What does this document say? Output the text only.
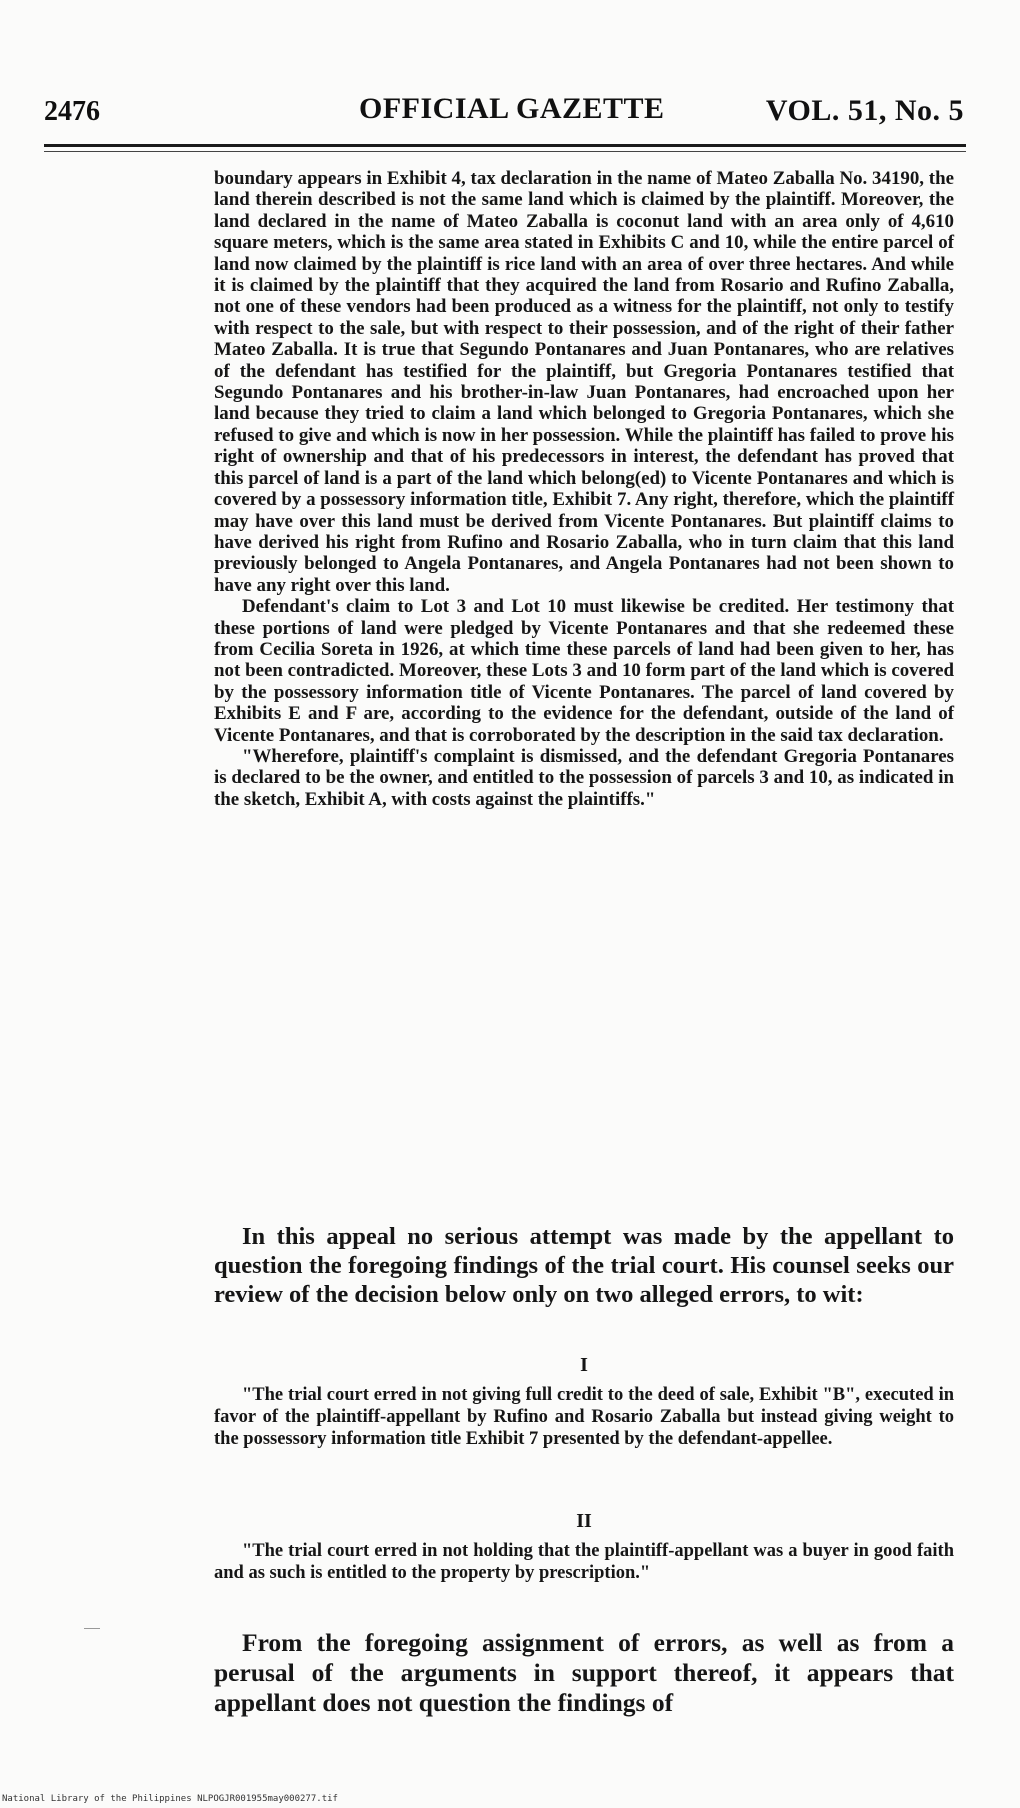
2476	OFFICIAL GAZETTE	VOL. 51, No. 5

boundary appears in Exhibit 4, tax declaration in the name of Mateo Zaballa No. 34190, the land therein described is not the same land which is claimed by the plaintiff. Moreover, the land declared in the name of Mateo Zaballa is coconut land with an area only of 4,610 square meters, which is the same area stated in Exhibits C and 10, while the entire parcel of land now claimed by the plaintiff is rice land with an area of over three hectares. And while it is claimed by the plaintiff that they acquired the land from Rosario and Rufino Zaballa, not one of these vendors had been produced as a witness for the plaintiff, not only to testify with respect to the sale, but with respect to their possession, and of the right of their father Mateo Zaballa. It is true that Segundo Pontanares and Juan Pontanares, who are relatives of the defendant has testified for the plaintiff, but Gregoria Pontanares testified that Segundo Pontanares and his brother-in-law Juan Pontanares, had encroached upon her land because they tried to claim a land which belonged to Gregoria Pontanares, which she refused to give and which is now in her possession. While the plaintiff has failed to prove his right of ownership and that of his predecessors in interest, the defendant has proved that this parcel of land is a part of the land which belong(ed) to Vicente Pontanares and which is covered by a possessory information title, Exhibit 7. Any right, therefore, which the plaintiff may have over this land must be derived from Vicente Pontanares. But plaintiff claims to have derived his right from Rufino and Rosario Zaballa, who in turn claim that this land previously belonged to Angela Pontanares, and Angela Pontanares had not been shown to have any right over this land.

Defendant's claim to Lot 3 and Lot 10 must likewise be credited. Her testimony that these portions of land were pledged by Vicente Pontanares and that she redeemed these from Cecilia Soreta in 1926, at which time these parcels of land had been given to her, has not been contradicted. Moreover, these Lots 3 and 10 form part of the land which is covered by the possessory information title of Vicente Pontanares. The parcel of land covered by Exhibits E and F are, according to the evidence for the defendant, outside of the land of Vicente Pontanares, and that is corroborated by the description in the said tax declaration.

"Wherefore, plaintiff's complaint is dismissed, and the defendant Gregoria Pontanares is declared to be the owner, and entitled to the possession of parcels 3 and 10, as indicated in the sketch, Exhibit A, with costs against the plaintiffs."

In this appeal no serious attempt was made by the appellant to question the foregoing findings of the trial court. His counsel seeks our review of the decision below only on two alleged errors, to wit:

I

"The trial court erred in not giving full credit to the deed of sale, Exhibit "B", executed in favor of the plaintiff-appellant by Rufino and Rosario Zaballa but instead giving weight to the possessory information title Exhibit 7 presented by the defendant-appellee.

II

"The trial court erred in not holding that the plaintiff-appellant was a buyer in good faith and as such is entitled to the property by prescription."

From the foregoing assignment of errors, as well as from a perusal of the arguments in support thereof, it appears that appellant does not question the findings of

National Library of the Philippines NLPOGJR001955may000277.tif
